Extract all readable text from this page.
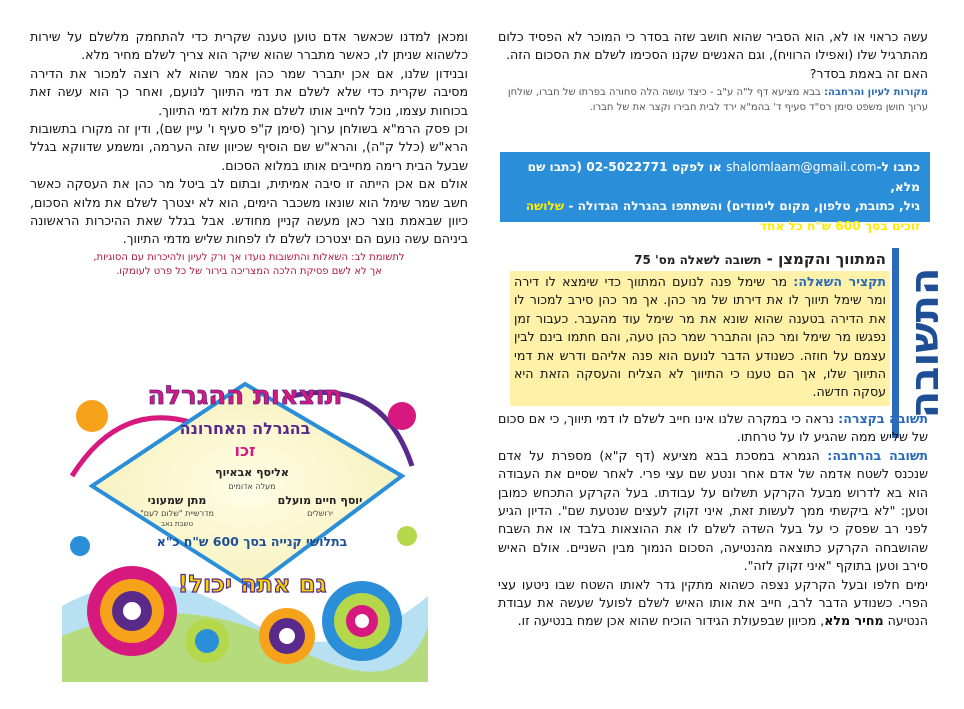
עשה כראוי או לא, הוא הסביר שהוא חושב שזה בסדר כי המוכר לא הפסיד כלום מהתרגיל שלו (ואפילו הרוויח), וגם האנשים שקנו הסכימו לשלם את הסכום הזה.

האם זה באמת בסדר?

מקורות לעיון והרחבה: בבא מציעא דף ל"ה ע"ב - כיצד עושה הלה סחורה בפרתו של חברו, שולחן ערוך חושן משפט סימן רס"ד סעיף ד' בהמ"א ירד לבית חבירו וקצר את של חברו.
כתבו ל-shalomlaam@gmail.com או לפקס 02-5022771 (כתבו שם מלא,
גיל, כתובת, טלפון, מקום לימודים) והשתתפו בהגרלה הגדולה - שלושה
זוכים בסך 600 ש"ח כל אחד (ההשתתפות בהגרלה מגיל 14 ומעלה).
התשובה
המתווך והקמצן - תשובה לשאלה מס' 75
תקציר השאלה: מר שימל פנה לנועם המתווך כדי שימצא לו דירה ומר שימל תיווך לו את דירתו של מר כהן. אך מר כהן סירב למכור לו את הדירה בטענה שהוא שונא את מר שימל עוד מהעבר. כעבור זמן נפגשו מר שימל ומר כהן והתברר שמר כהן טעה, והם חתמו בינם לבין עצמם על חוזה. כשנודע הדבר לנועם הוא פנה אליהם ודרש את דמי התיווך שלו, אך הם טענו כי התיווך לא הצליח והעסקה הזאת היא עסקה חדשה.

תשובה בקצרה: נראה כי במקרה שלנו אינו חייב לשלם לו דמי תיווך, כי אם סכום של שליש ממה שהגיע לו על טרחתו.

תשובה בהרחבה: הגמרא במסכת בבא מציעא (דף ק"א) מספרת על אדם שנכנס לשטח אדמה של אדם אחר ונטע שם עצי פרי. לאחר שסיים את העבודה הוא בא לדרוש מבעל הקרקע תשלום על עבודתו. בעל הקרקע התכחש כמובן וטען: "לא ביקשתי ממך לעשות זאת, איני זקוק לעצים שנטעת שם". הדיון הגיע לפני רב שפסק כי על בעל השדה לשלם לו את ההוצאות בלבד או את השבח שהושבחה הקרקע כתוצאה מהנטיעה, הסכום הנמוך מבין השניים. אולם האיש סירב וטען בתוקף "איני זקוק לזה".

ימים חלפו ובעל הקרקע נצפה כשהוא מתקין גדר לאותו השטח שבו ניטעו עצי הפרי. כשנודע הדבר לרב, חייב את אותו האיש לשלם לפועל שעשה את עבודת הנטיעה מחיר מלא, מכיוון שבפעולת הגידור הוכיח שהוא אכן שמח בנטיעה זו.

ומכאן למדנו שכאשר אדם טוען טענה שקרית כדי להתחמק מלשלם על שירות כלשהוא שניתן לו, כאשר מתברר שהוא שיקר הוא צריך לשלם מחיר מלא.

ובנידון שלנו, אם אכן יתברר שמר כהן אמר שהוא לא רוצה למכור את הדירה מסיבה שקרית כדי שלא לשלם את דמי התיווך לנועם, ואחר כך הוא עשה זאת בכוחות עצמו, נוכל לחייב אותו לשלם את מלוא דמי התיווך.

וכן פסק הרמ"א בשולחן ערוך (סימן ק"פ סעיף ו' עיין שם), ודין זה מקורו בתשובות הרא"ש (כלל ק"ה), והרא"ש שם הוסיף שכיוון שזה הערמה, ומשמע שדווקא בגלל שבעל הבית רימה מחייבים אותו במלוא הסכום.

אולם אם אכן הייתה זו סיבה אמיתית, ובתום לב ביטל מר כהן את העסקה כאשר חשב שמר שימל הוא שונאו משכבר הימים, הוא לא יצטרך לשלם את מלוא הסכום, כיוון שבאמת נוצר כאן מעשה קניין מחודש. אבל בגלל שאת ההיכרות הראשונה ביניהם עשה נועם הם יצטרכו לשלם לו לפחות שליש מדמי התיווך.

לתשומת לב: השאלות והתשובות נועדו אך ורק לעיון ולהיכרות עם הסוגיות,
אך לא לשם פסיקת הלכה המצריכה בירור של כל פרט לעומקו.
תוצאות ההגרלה
בהגרלה האחרונה
זכו
אליסף אבאיוף
מעלה אדומים
מתן שמעוני
מדרשיית "שלום לעם"
טשבת גאב
יוסף חיים מועלם
ירושלים
בתלושי קנייה בסך 600 ש"ח כ"א
גם אתה יכול!
